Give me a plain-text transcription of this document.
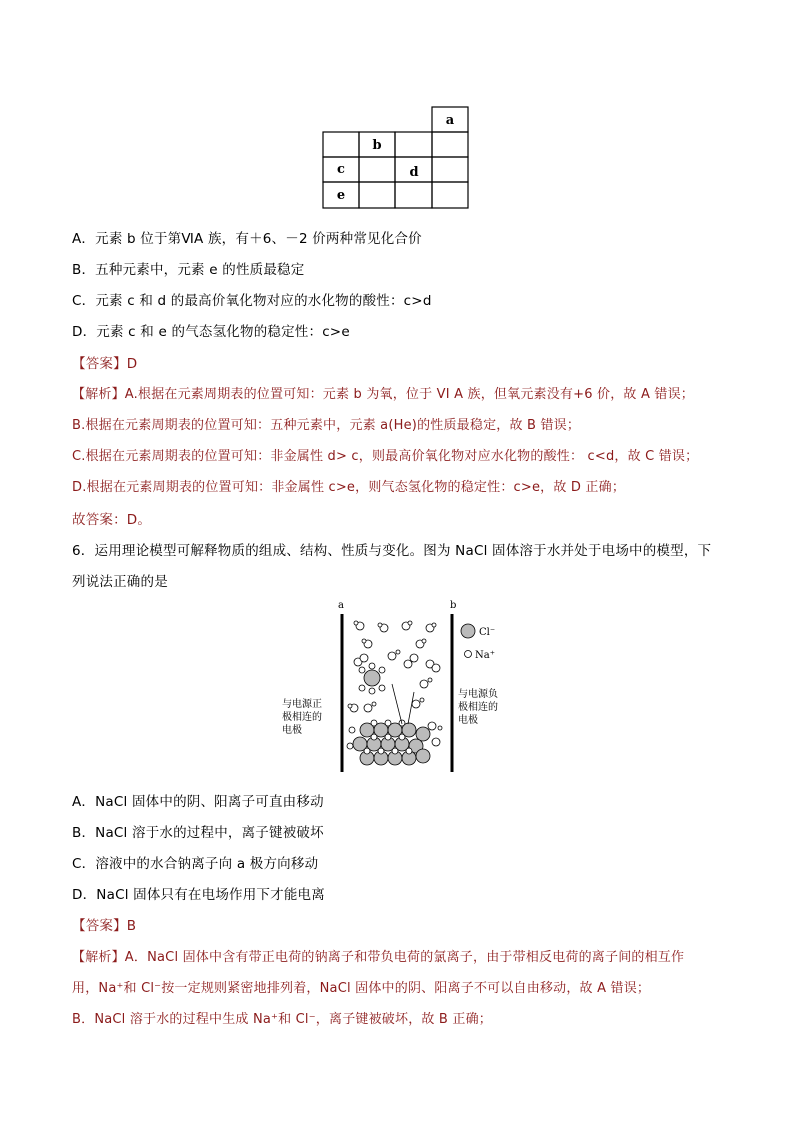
a
b
c	d
e
A．元素 b 位于第ⅥA 族，有＋6、－2 价两种常见化合价
B．五种元素中，元素 e 的性质最稳定
C．元素 c 和 d 的最高价氧化物对应的水化物的酸性：c>d
D．元素 c 和 e 的气态氢化物的稳定性：c>e
【答案】D
【解析】A.根据在元素周期表的位置可知：元素 b 为氧，位于 VI A 族，但氧元素没有+6 价，故 A 错误；
B.根据在元素周期表的位置可知：五种元素中，元素 a(He)的性质最稳定，故 B 错误；
C.根据在元素周期表的位置可知：非金属性 d> c，则最高价氧化物对应水化物的酸性： c<d，故 C 错误；
D.根据在元素周期表的位置可知：非金属性 c>e，则气态氢化物的稳定性：c>e，故 D 正确；
故答案：D。
6．运用理论模型可解释物质的组成、结构、性质与变化。图为 NaCl 固体溶于水并处于电场中的模型，下
列说法正确的是
a	b
Cl⁻
Na⁺
与电源正
极相连的
电极
与电源负
极相连的
电极
A．NaCl 固体中的阴、阳离子可直由移动
B．NaCl 溶于水的过程中，离子键被破坏
C．溶液中的水合钠离子向 a 极方向移动
D．NaCl 固体只有在电场作用下才能电离
【答案】B
【解析】A．NaCl 固体中含有带正电荷的钠离子和带负电荷的氯离子，由于带相反电荷的离子间的相互作
用，Na⁺和 Cl⁻按一定规则紧密地排列着，NaCl 固体中的阴、阳离子不可以自由移动，故 A 错误；
B．NaCl 溶于水的过程中生成 Na⁺和 Cl⁻，离子键被破坏，故 B 正确；
